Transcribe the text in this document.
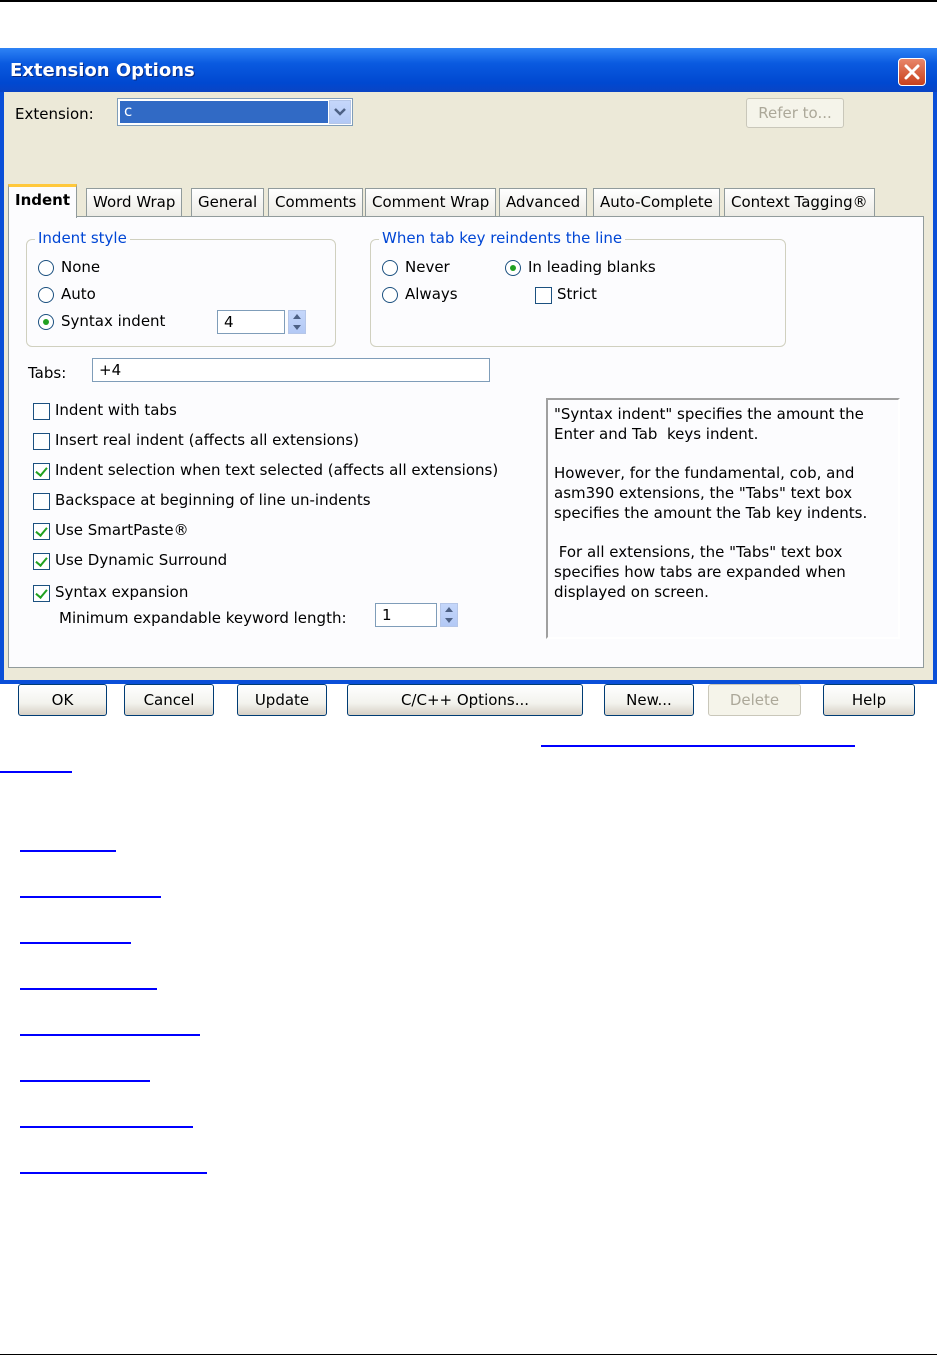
Extension Options
Extension: c	Refer to...
Indent	Word Wrap	General	Comments	Comment Wrap	Advanced	Auto-Complete	Context Tagging®
Indent style
None
Auto
Syntax indent	4
When tab key reindents the line
Never
Always
In leading blanks
Strict
Tabs:	+4
Indent with tabs
Insert real indent (affects all extensions)
Indent selection when text selected (affects all extensions)
Backspace at beginning of line un-indents
Use SmartPaste®
Use Dynamic Surround
Syntax expansion
Minimum expandable keyword length:	1

"Syntax indent" specifies the amount the Enter and Tab  keys indent.

However, for the fundamental, cob, and asm390 extensions, the "Tabs" text box specifies the amount the Tab key indents.

For all extensions, the "Tabs" text box specifies how tabs are expanded when displayed on screen.

OK	Cancel	Update	C/C++ Options...	New...	Delete	Help
